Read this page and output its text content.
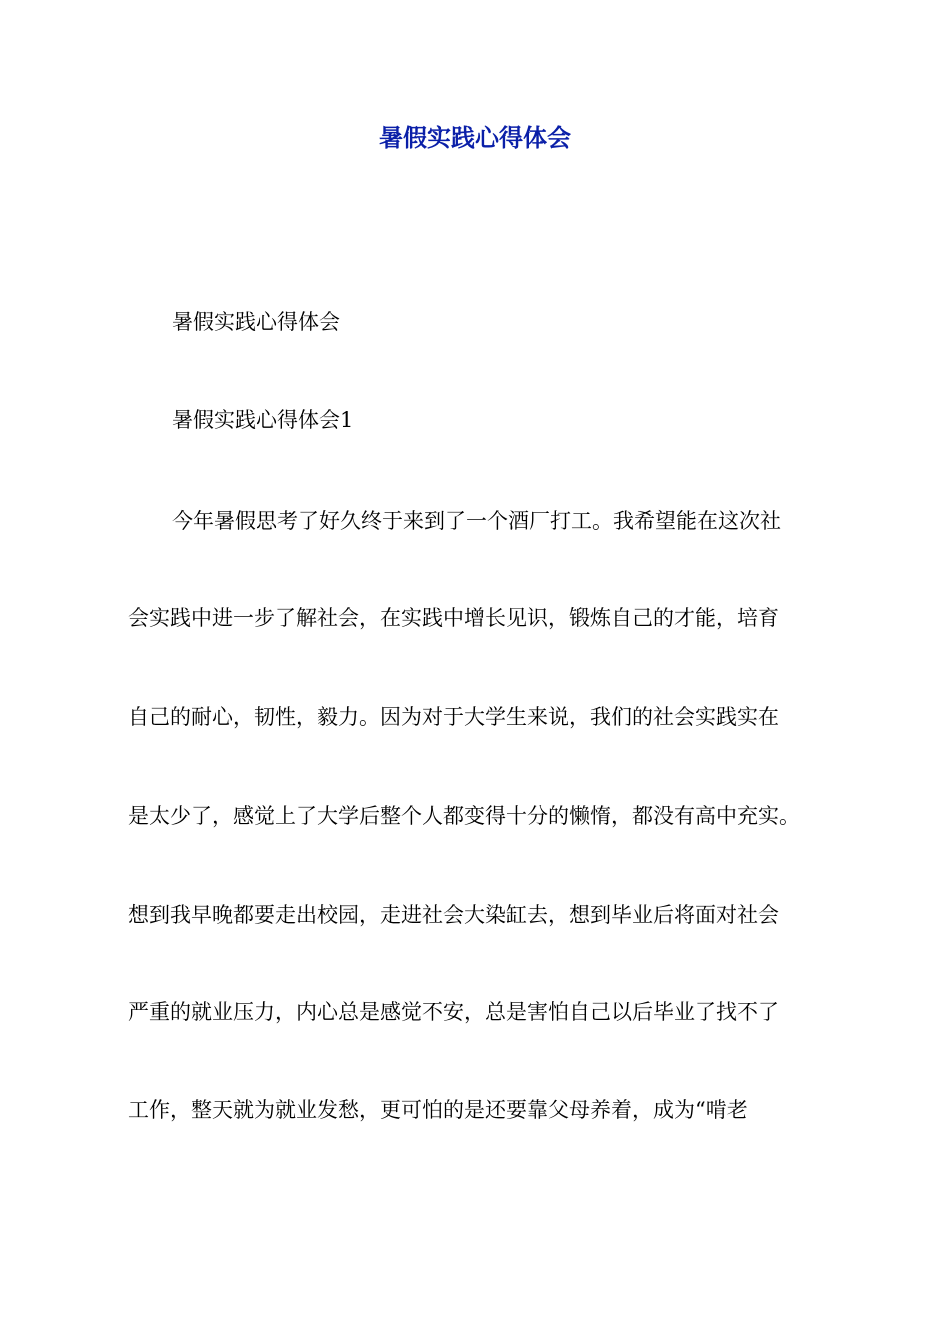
暑假实践心得体会

暑假实践心得体会

暑假实践心得体会1

今年暑假思考了好久终于来到了一个酒厂打工。我希望能在这次社

会实践中进一步了解社会，在实践中增长见识，锻炼自己的才能，培育

自己的耐心，韧性，毅力。因为对于大学生来说，我们的社会实践实在

是太少了，感觉上了大学后整个人都变得十分的懒惰，都没有高中充实。

想到我早晚都要走出校园，走进社会大染缸去，想到毕业后将面对社会

严重的就业压力，内心总是感觉不安，总是害怕自己以后毕业了找不了

工作，整天就为就业发愁，更可怕的是还要靠父母养着，成为“啃老
